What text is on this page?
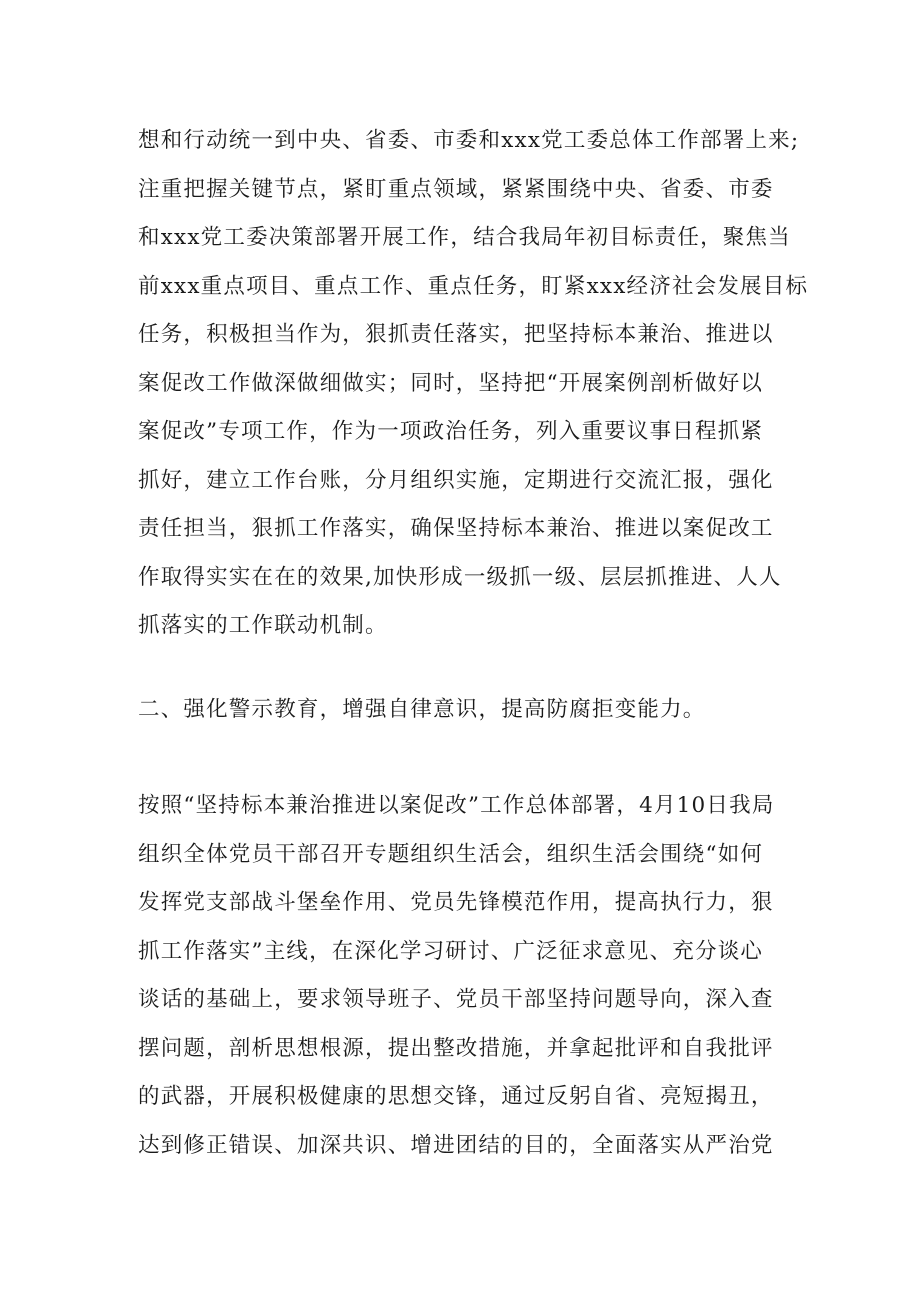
想和行动统一到中央、省委、市委和xxx党工委总体工作部署上来;
注重把握关键节点，紧盯重点领域，紧紧围绕中央、省委、市委
和xxx党工委决策部署开展工作，结合我局年初目标责任，聚焦当
前xxx重点项目、重点工作、重点任务，盯紧xxx经济社会发展目标
任务，积极担当作为，狠抓责任落实，把坚持标本兼治、推进以
案促改工作做深做细做实；同时，坚持把“开展案例剖析做好以
案促改”专项工作，作为一项政治任务，列入重要议事日程抓紧
抓好，建立工作台账，分月组织实施，定期进行交流汇报，强化
责任担当，狠抓工作落实，确保坚持标本兼治、推进以案促改工
作取得实实在在的效果,加快形成一级抓一级、层层抓推进、人人
抓落实的工作联动机制。
二、强化警示教育，增强自律意识，提高防腐拒变能力。
按照“坚持标本兼治推进以案促改”工作总体部署，4月10日我局
组织全体党员干部召开专题组织生活会，组织生活会围绕“如何
发挥党支部战斗堡垒作用、党员先锋模范作用，提高执行力，狠
抓工作落实”主线，在深化学习研讨、广泛征求意见、充分谈心
谈话的基础上，要求领导班子、党员干部坚持问题导向，深入查
摆问题，剖析思想根源，提出整改措施，并拿起批评和自我批评
的武器，开展积极健康的思想交锋，通过反躬自省、亮短揭丑，
达到修正错误、加深共识、增进团结的目的，全面落实从严治党
